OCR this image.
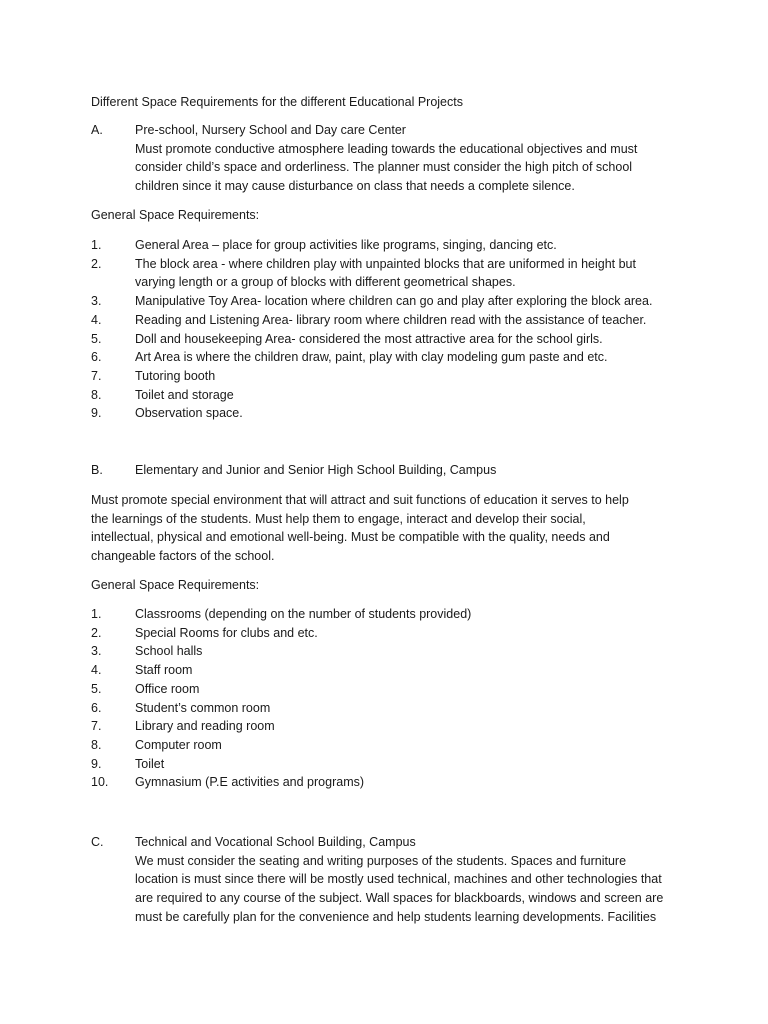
Different Space Requirements for the different Educational Projects
A.	Pre-school, Nursery School and Day care Center
Must promote conductive atmosphere leading towards the educational objectives and must
consider child’s space and orderliness. The planner must consider the high pitch of school
children since it may cause disturbance on class that needs a complete silence.
General Space Requirements:
1.	General Area – place for group activities like programs, singing, dancing etc.
2.	The block area - where children play with unpainted blocks that are uniformed in height but
varying length or a group of blocks with different geometrical shapes.
3.	Manipulative Toy Area- location where children can go and play after exploring the block area.
4.	Reading and Listening Area- library room where children read with the assistance of teacher.
5.	Doll and housekeeping Area- considered the most attractive area for the school girls.
6.	Art Area is where the children draw, paint, play with clay modeling gum paste and etc.
7.	Tutoring booth
8.	Toilet and storage
9.	Observation space.
B.	Elementary and Junior and Senior High School Building, Campus
Must promote special environment that will attract and suit functions of education it serves to help
the learnings of the students. Must help them to engage, interact and develop their social,
intellectual, physical and emotional well-being. Must be compatible with the quality, needs and
changeable factors of the school.
General Space Requirements:
1.	Classrooms (depending on the number of students provided)
2.	Special Rooms for clubs and etc.
3.	School halls
4.	Staff room
5.	Office room
6.	Student’s common room
7.	Library and reading room
8.	Computer room
9.	Toilet
10.	Gymnasium (P.E activities and programs)
C.	Technical and Vocational School Building, Campus
We must consider the seating and writing purposes of the students. Spaces and furniture
location is must since there will be mostly used technical, machines and other technologies that
are required to any course of the subject. Wall spaces for blackboards, windows and screen are
must be carefully plan for the convenience and help students learning developments. Facilities
